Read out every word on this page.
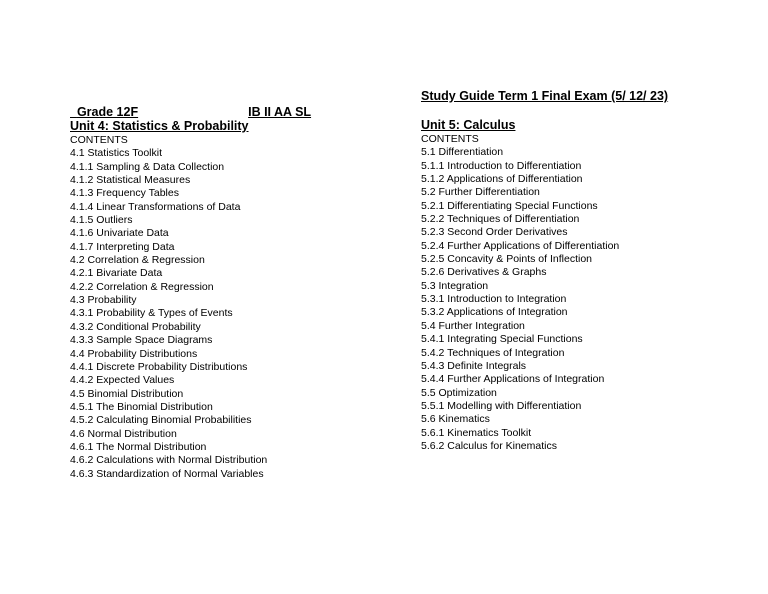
Grade 12F	IB II AA SL

Study Guide Term 1 Final Exam (5/ 12/ 23)
Unit 4: Statistics & Probability
CONTENTS
4.1 Statistics Toolkit
4.1.1 Sampling & Data Collection
4.1.2 Statistical Measures
4.1.3 Frequency Tables
4.1.4 Linear Transformations of Data
4.1.5 Outliers
4.1.6 Univariate Data
4.1.7 Interpreting Data
4.2 Correlation & Regression
4.2.1 Bivariate Data
4.2.2 Correlation & Regression
4.3 Probability
4.3.1 Probability & Types of Events
4.3.2 Conditional Probability
4.3.3 Sample Space Diagrams
4.4 Probability Distributions
4.4.1 Discrete Probability Distributions
4.4.2 Expected Values
4.5 Binomial Distribution
4.5.1 The Binomial Distribution
4.5.2 Calculating Binomial Probabilities
4.6 Normal Distribution
4.6.1 The Normal Distribution
4.6.2 Calculations with Normal Distribution
4.6.3 Standardization of Normal Variables
Unit 5: Calculus
CONTENTS
5.1 Differentiation
5.1.1 Introduction to Differentiation
5.1.2 Applications of Differentiation
5.2 Further Differentiation
5.2.1 Differentiating Special Functions
5.2.2 Techniques of Differentiation
5.2.3 Second Order Derivatives
5.2.4 Further Applications of Differentiation
5.2.5 Concavity & Points of Inflection
5.2.6 Derivatives & Graphs
5.3 Integration
5.3.1 Introduction to Integration
5.3.2 Applications of Integration
5.4 Further Integration
5.4.1 Integrating Special Functions
5.4.2 Techniques of Integration
5.4.3 Definite Integrals
5.4.4 Further Applications of Integration
5.5 Optimization
5.5.1 Modelling with Differentiation
5.6 Kinematics
5.6.1 Kinematics Toolkit
5.6.2 Calculus for Kinematics
